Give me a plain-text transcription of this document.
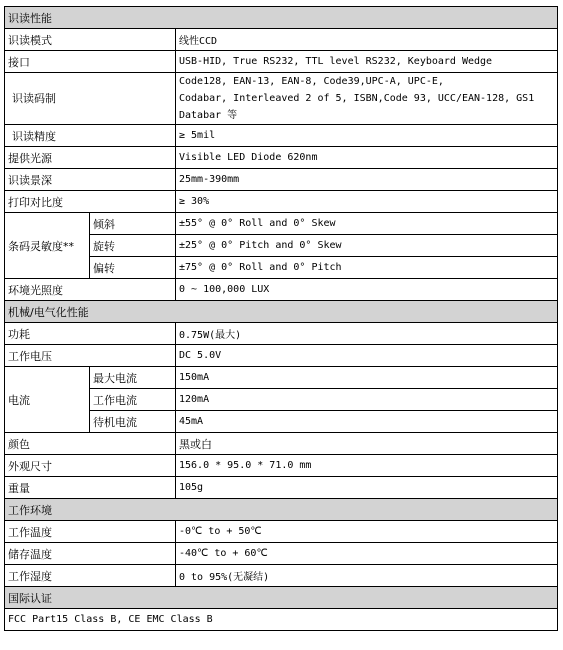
识读性能		
识读模式		线性CCD
接口		USB-HID, True RS232, TTL level RS232, Keyboard Wedge
识读码制		Code128, EAN-13, EAN-8, Code39,UPC-A, UPC-E,
Codabar, Interleaved 2 of 5, ISBN,Code 93, UCC/EAN-128, GS1
Databar 等

识读精度		≥ 5mil
提供光源		Visible LED Diode 620nm
识读景深		25mm-390mm
打印对比度		≥ 30%
条码灵敏度**	倾斜	±55° @ 0° Roll and 0° Skew
	旋转	±25° @ 0° Pitch and 0° Skew
	偏转	±75° @ 0° Roll and 0° Pitch
环境光照度		0 ~ 100,000 LUX
机械/电气化性能		
功耗		0.75W(最大)
工作电压		DC 5.0V
电流	最大电流	150mA
	工作电流	120mA
	待机电流	45mA
颜色		黑或白
外观尺寸		156.0 * 95.0 * 71.0 mm
重量		105g
工作环境		
工作温度		-0℃ to + 50℃
储存温度		-40℃ to + 60℃
工作湿度		0 to 95%(无凝结)
国际认证		
FCC Part15 Class B, CE EMC Class B		
